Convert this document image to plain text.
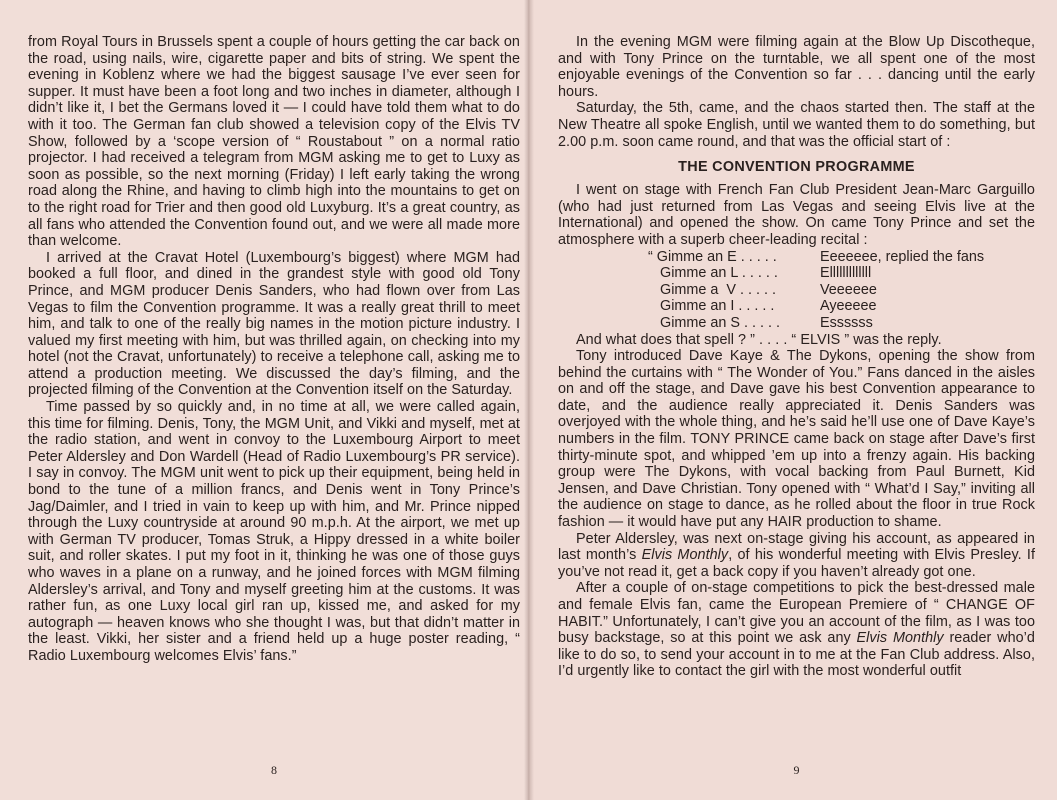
from Royal Tours in Brussels spent a couple of hours getting the car back on the road, using nails, wire, cigarette paper and bits of string. We spent the evening in Koblenz where we had the biggest sausage I’ve ever seen for supper. It must have been a foot long and two inches in diameter, although I didn’t like it, I bet the Germans loved it — I could have told them what to do with it too. The German fan club showed a television copy of the Elvis TV Show, followed by a ‘scope version of “ Roustabout ” on a normal ratio projector. I had received a telegram from MGM asking me to get to Luxy as soon as possible, so the next morning (Friday) I left early taking the wrong road along the Rhine, and having to climb high into the mountains to get on to the right road for Trier and then good old Luxyburg. It’s a great country, as all fans who attended the Convention found out, and we were all made more than welcome.

I arrived at the Cravat Hotel (Luxembourg’s biggest) where MGM had booked a full floor, and dined in the grandest style with good old Tony Prince, and MGM producer Denis Sanders, who had flown over from Las Vegas to film the Convention programme. It was a really great thrill to meet him, and talk to one of the really big names in the motion picture industry. I valued my first meeting with him, but was thrilled again, on checking into my hotel (not the Cravat, unfortunately) to receive a telephone call, asking me to attend a production meeting. We discussed the day’s filming, and the projected filming of the Convention at the Convention itself on the Saturday.

Time passed by so quickly and, in no time at all, we were called again, this time for filming. Denis, Tony, the MGM Unit, and Vikki and myself, met at the radio station, and went in convoy to the Luxembourg Airport to meet Peter Aldersley and Don Wardell (Head of Radio Luxembourg’s PR service). I say in convoy. The MGM unit went to pick up their equipment, being held in bond to the tune of a million francs, and Denis went in Tony Prince’s Jag/Daimler, and I tried in vain to keep up with him, and Mr. Prince nipped through the Luxy countryside at around 90 m.p.h. At the airport, we met up with German TV producer, Tomas Struk, a Hippy dressed in a white boiler suit, and roller skates. I put my foot in it, thinking he was one of those guys who waves in a plane on a runway, and he joined forces with MGM filming Aldersley’s arrival, and Tony and myself greeting him at the customs. It was rather fun, as one Luxy local girl ran up, kissed me, and asked for my autograph — heaven knows who she thought I was, but that didn’t matter in the least. Vikki, her sister and a friend held up a huge poster reading, “ Radio Luxembourg welcomes Elvis’ fans.”

8

In the evening MGM were filming again at the Blow Up Discotheque, and with Tony Prince on the turntable, we all spent one of the most enjoyable evenings of the Convention so far . . . dancing until the early hours.

Saturday, the 5th, came, and the chaos started then. The staff at the New Theatre all spoke English, until we wanted them to do something, but 2.00 p.m. soon came round, and that was the official start of :

THE CONVENTION PROGRAMME

I went on stage with French Fan Club President Jean-Marc Garguillo (who had just returned from Las Vegas and seeing Elvis live at the International) and opened the show. On came Tony Prince and set the atmosphere with a superb cheer-leading recital :

“ Gimme an E . . . . .	Eeeeeee, replied the fans
Gimme an L . . . . .	Elllllllllllll
Gimme a  V . . . . .	Veeeeee
Gimme an I . . . . .	Ayeeeee
Gimme an S . . . . .	Essssss

And what does that spell ? ” . . . . “ ELVIS ” was the reply.

Tony introduced Dave Kaye & The Dykons, opening the show from behind the curtains with “ The Wonder of You.” Fans danced in the aisles on and off the stage, and Dave gave his best Convention appearance to date, and the audience really appreciated it. Denis Sanders was overjoyed with the whole thing, and he’s said he’ll use one of Dave Kaye’s numbers in the film. TONY PRINCE came back on stage after Dave’s first thirty-minute spot, and whipped ’em up into a frenzy again. His backing group were The Dykons, with vocal backing from Paul Burnett, Kid Jensen, and Dave Christian. Tony opened with “ What’d I Say,” inviting all the audience on stage to dance, as he rolled about the floor in true Rock fashion — it would have put any HAIR production to shame.

Peter Aldersley, was next on-stage giving his account, as appeared in last month’s Elvis Monthly, of his wonderful meeting with Elvis Presley. If you’ve not read it, get a back copy if you haven’t already got one.

After a couple of on-stage competitions to pick the best-dressed male and female Elvis fan, came the European Premiere of “ CHANGE OF HABIT.” Unfortunately, I can’t give you an account of the film, as I was too busy backstage, so at this point we ask any Elvis Monthly reader who’d like to do so, to send your account in to me at the Fan Club address. Also, I’d urgently like to contact the girl with the most wonderful outfit

9
